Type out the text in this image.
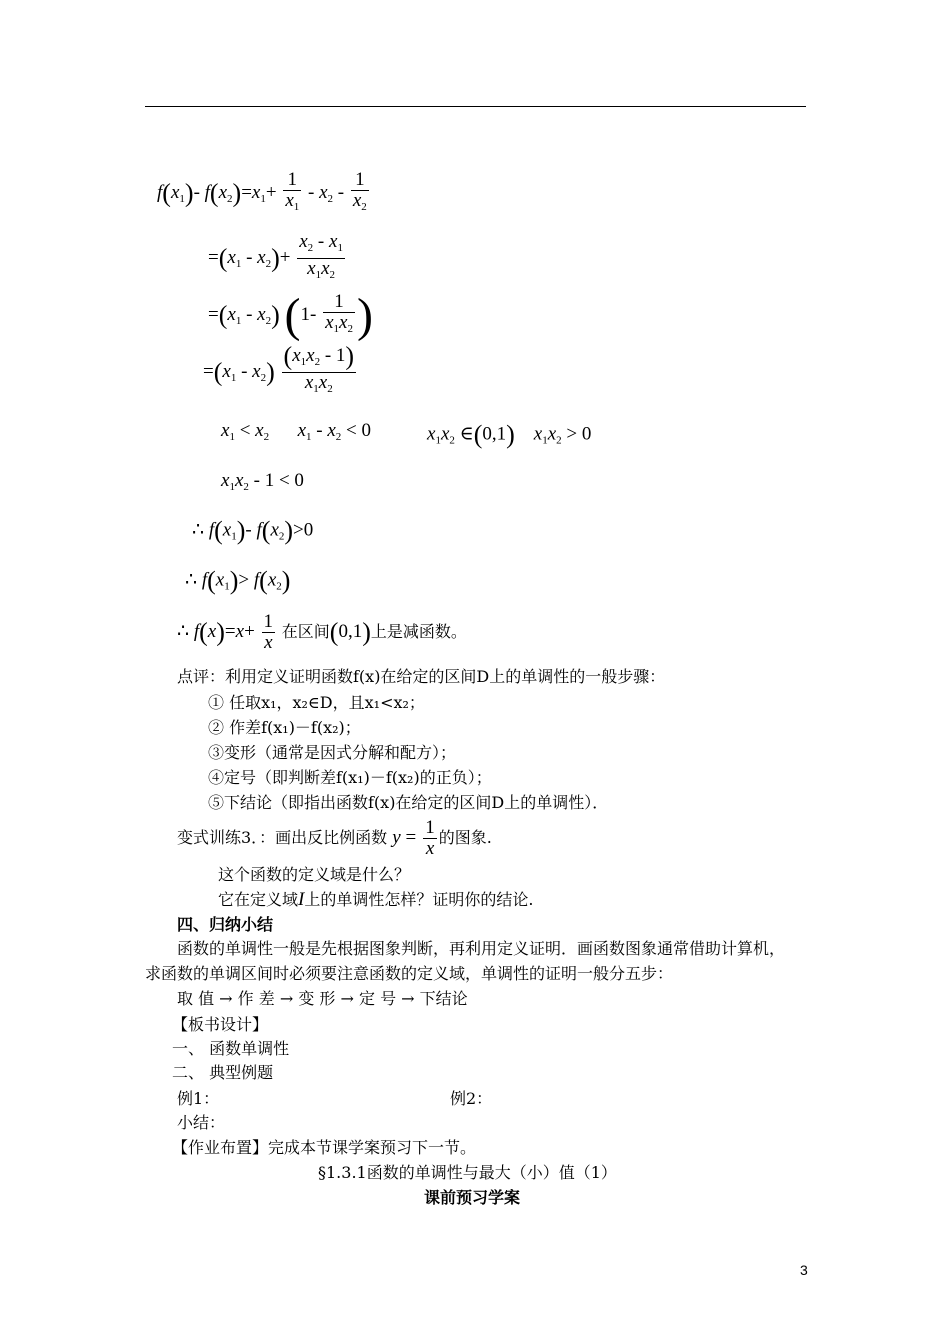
$f(x_1)-$ $f(x_2)=x_1+ \frac{1}{x_1} - x_2 - \frac{1}{x_2}$
$=(x_1 - x_2)+ \frac{x_2 - x_1}{x_1x_2}$
$=(x_1 - x_2)$ ($1- \frac{1}{x_1x_2}$ )
$=(x_1 - x_2) \frac{(x_1x_2 - 1)}{x_1x_2}$
$x_1 < x_2$ $x_1 - x_2 < 0$	$x_1x_2$ ∈(0,1) $x_1x_2 > 0$
$x_1x_2 - 1 < 0$
∴ $f(x_1)-$ $f(x_2)>0$
∴ $f(x_1)> f(x_2)$
∴ $f(x)=x+ \frac{1}{x}$ 在区间(0,1)上是减函数。
点评：利用定义证明函数f(x)在给定的区间D上的单调性的一般步骤：
① 任取x₁，x₂∈D，且x₁<x₂；
② 作差f(x₁)－f(x₂)；
③变形（通常是因式分解和配方）；
④定号（即判断差f(x₁)－f(x₂)的正负）；
⑤下结论（即指出函数f(x)在给定的区间D上的单调性）．
变式训练3．：画出反比例函数 $y = \frac{1}{x}$ 的图象.
这个函数的定义域是什么？
它在定义域I上的单调性怎样？证明你的结论.
四、归纳小结
函数的单调性一般是先根据图象判断，再利用定义证明．画函数图象通常借助计算机，
求函数的单调区间时必须要注意函数的定义域，单调性的证明一般分五步：
取 值 → 作 差 → 变 形 → 定 号 → 下结论
【板书设计】
一、 函数单调性
二、 典型例题
例1：	例2：
小结：
【作业布置】完成本节课学案预习下一节。
§1.3.1函数的单调性与最大（小）值（1）
课前预习学案
3
